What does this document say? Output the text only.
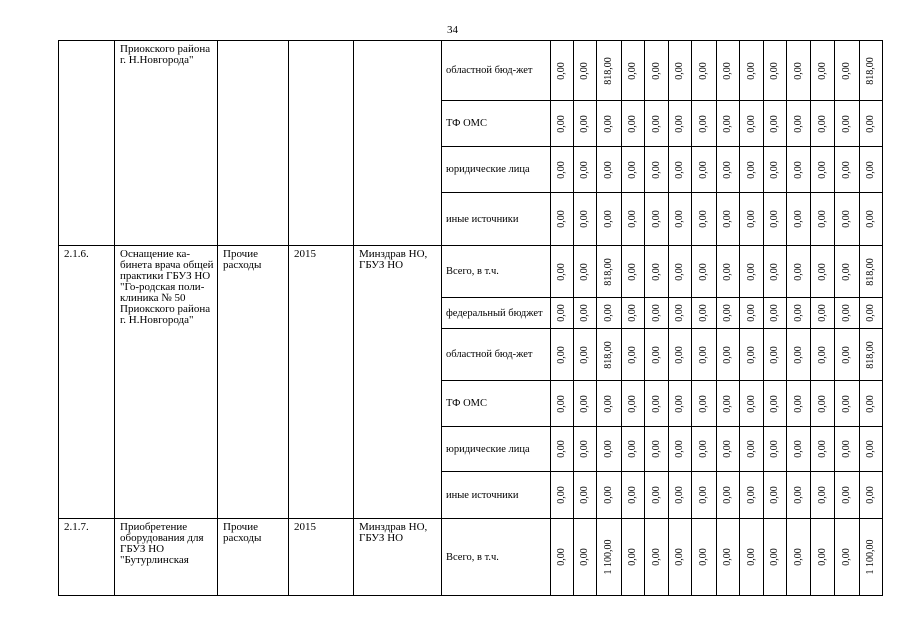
34
	Приокского района г. Н.Новгорода"				областной бюд-жет	0,00	0,00	818,00	0,00	0,00	0,00	0,00	0,00	0,00	0,00	0,00	0,00	0,00	818,00

					ТФ ОМС	0,00	0,00	0,00	0,00	0,00	0,00	0,00	0,00	0,00	0,00	0,00	0,00	0,00	0,00

					юридические лица	0,00	0,00	0,00	0,00	0,00	0,00	0,00	0,00	0,00	0,00	0,00	0,00	0,00	0,00

					иные источники	0,00	0,00	0,00	0,00	0,00	0,00	0,00	0,00	0,00	0,00	0,00	0,00	0,00	0,00

2.1.6.	Оснащение ка-бинета врача общей практики ГБУЗ НО "Го-родская поли-клиника № 50 Приокского района г. Н.Новгорода"	Прочие расходы	2015	Минздрав НО, ГБУЗ НО	Всего, в т.ч.	0,00	0,00	818,00	0,00	0,00	0,00	0,00	0,00	0,00	0,00	0,00	0,00	0,00	818,00

					федеральный бюджет	0,00	0,00	0,00	0,00	0,00	0,00	0,00	0,00	0,00	0,00	0,00	0,00	0,00	0,00

					областной бюд-жет	0,00	0,00	818,00	0,00	0,00	0,00	0,00	0,00	0,00	0,00	0,00	0,00	0,00	818,00

					ТФ ОМС	0,00	0,00	0,00	0,00	0,00	0,00	0,00	0,00	0,00	0,00	0,00	0,00	0,00	0,00

					юридические лица	0,00	0,00	0,00	0,00	0,00	0,00	0,00	0,00	0,00	0,00	0,00	0,00	0,00	0,00

					иные источники	0,00	0,00	0,00	0,00	0,00	0,00	0,00	0,00	0,00	0,00	0,00	0,00	0,00	0,00

2.1.7.	Приобретение оборудования для ГБУЗ НО "Бутурлинская	Прочие расходы	2015	Минздрав НО, ГБУЗ НО	Всего, в т.ч.	0,00	0,00	1 100,00	0,00	0,00	0,00	0,00	0,00	0,00	0,00	0,00	0,00	0,00	1 100,00
